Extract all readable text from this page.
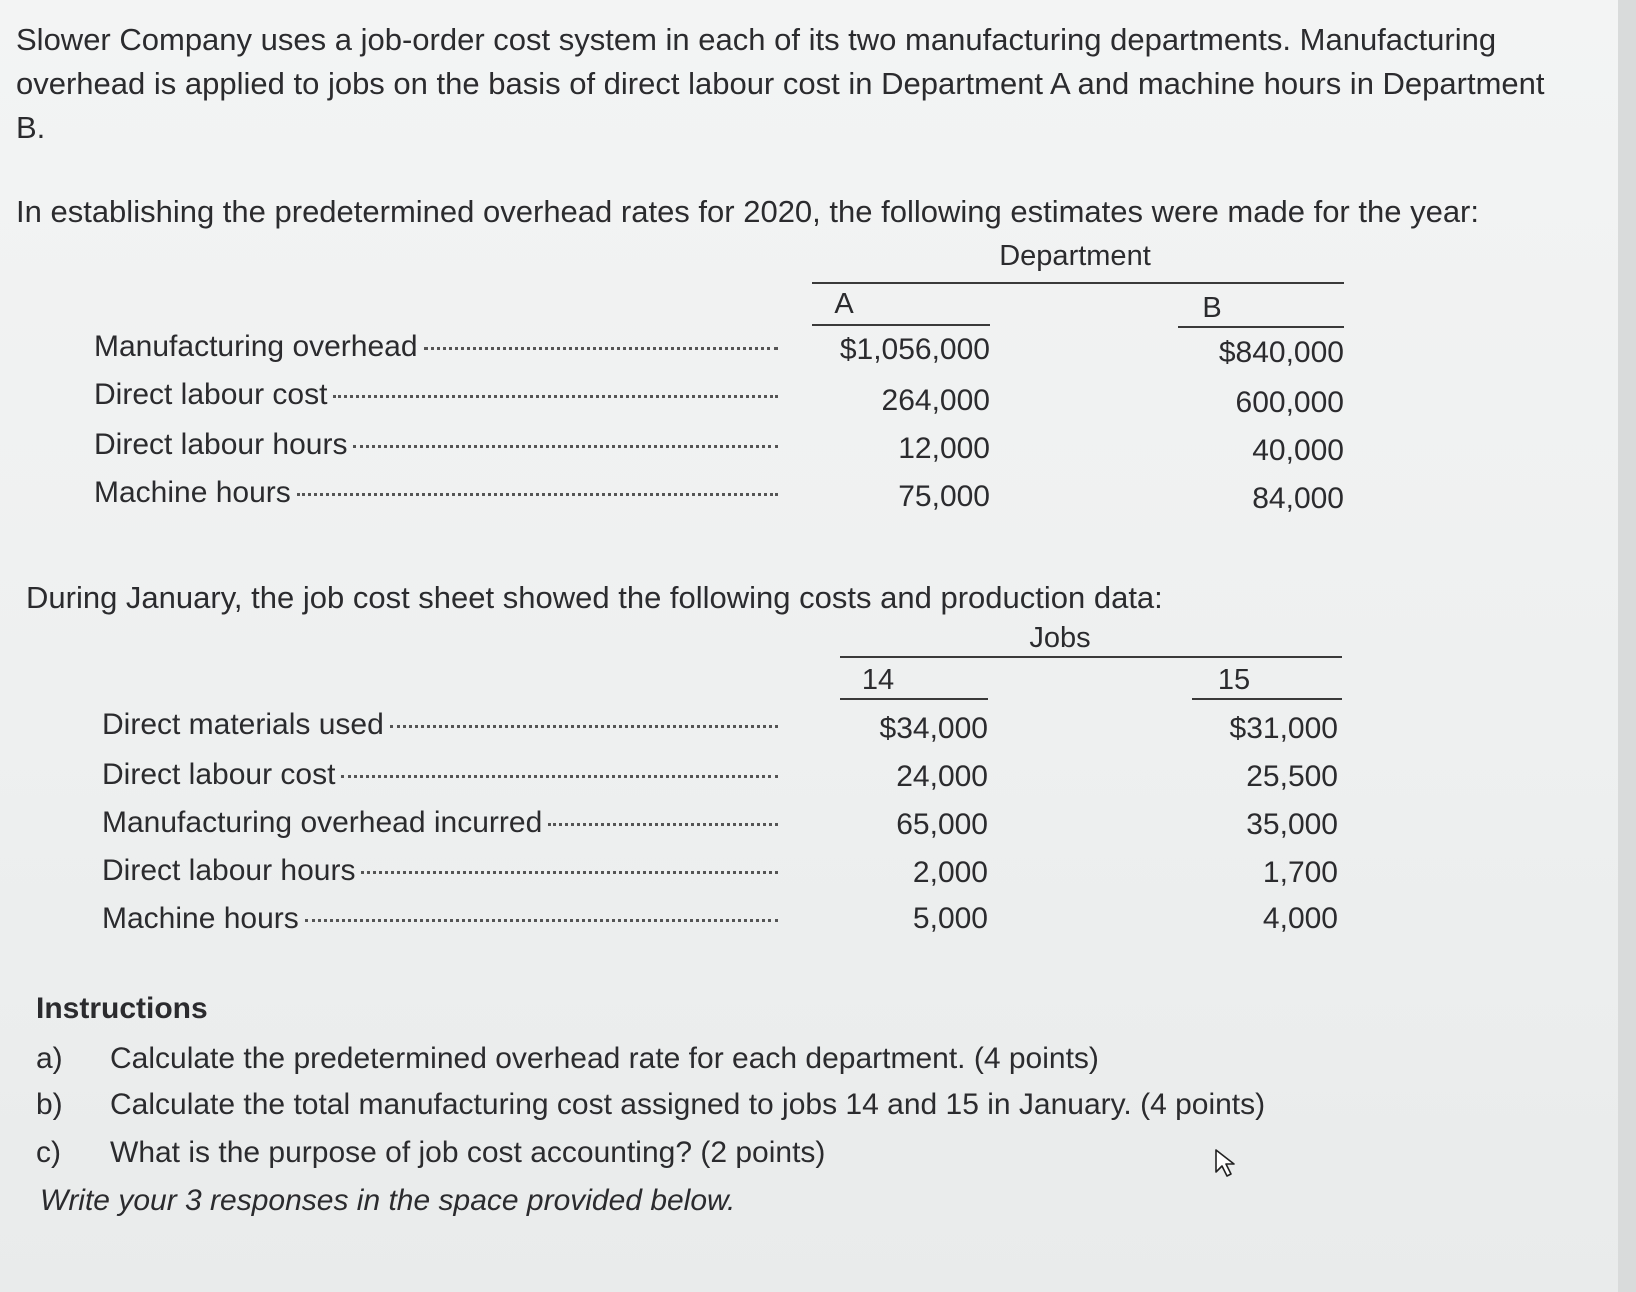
Slower Company uses a job-order cost system in each of its two manufacturing departments. Manufacturing overhead is applied to jobs on the basis of direct labour cost in Department A and machine hours in Department B.

In establishing the predetermined overhead rates for 2020, the following estimates were made for the year:

Department
A	B
Manufacturing overhead	$1,056,000	$840,000
Direct labour cost	264,000	600,000
Direct labour hours	12,000	40,000
Machine hours	75,000	84,000

During January, the job cost sheet showed the following costs and production data:

Jobs
14	15
Direct materials used	$34,000	$31,000
Direct labour cost	24,000	25,500
Manufacturing overhead incurred	65,000	35,000
Direct labour hours	2,000	1,700
Machine hours	5,000	4,000
Instructions
a)	Calculate the predetermined overhead rate for each department. (4 points)
b)	Calculate the total manufacturing cost assigned to jobs 14 and 15 in January. (4 points)
c)	What is the purpose of job cost accounting? (2 points)
Write your 3 responses in the space provided below.
